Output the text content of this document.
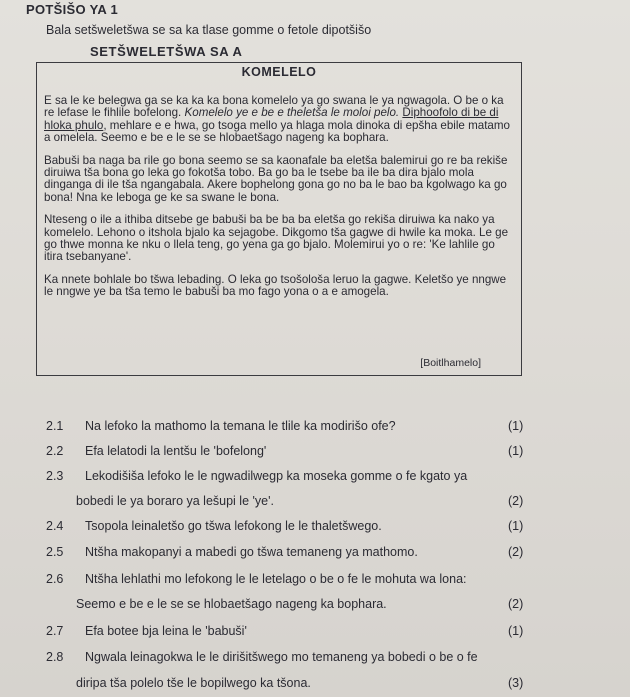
POTŠIŠO YA 1
Bala setšweletšwa se sa ka tlase gomme o fetole dipotšišo
SETŠWELETŠWA SA A
KOMELELO

E sa le ke belegwa ga se ka ka ka bona komelelo ya go swana le ya ngwagola. O be o ka re lefase le fihlile bofelong. Komelelo ye e be e theletša le moloi pelo. Diphoofolo di be di hloka phulo, mehlare e e hwa, go tsoga mello ya hlaga mola dinoka di epšha ebile matamo a omelela. Seemo e be e le se se hlobaetšago nageng ka bophara.

Babuši ba naga ba rile go bona seemo se sa kaonafale ba eletša balemirui go re ba rekiše diruiwa tša bona go leka go fokotša tobo. Ba go ba le tsebe ba ile ba dira bjalo mola dinganga di ile tša ngangabala. Akere bophelong gona go no ba le bao ba kgolwago ka go bona! Nna ke leboga ge ke sa swane le bona.

Nteseng o ile a ithiba ditsebe ge babuši ba be ba ba eletša go rekiša diruiwa ka nako ya komelelo. Lehono o itshola bjalo ka sejagobe. Dikgomo tša gagwe di hwile ka moka. Le ge go thwe monna ke nku o llela teng, go yena ga go bjalo. Molemirui yo o re: 'Ke lahlile go itira tsebanyane'.

Ka nnete bohlale bo tšwa lebading. O leka go tsošološa leruo la gagwe. Keletšo ye nngwe le nngwe ye ba tša temo le babuši ba mo fago yona o a e amogela.

[Boitlhamelo]
2.1 Na lefoko la mathomo la temana le tlile ka modirišo ofe?	(1)
2.2 Efa lelatodi la lentšu le 'bofelong'	(1)
2.3 Lekodišiša lefoko le le ngwadilwegp ka moseka gomme o fe kgato ya
bobedi le ya boraro ya lešupi le 'ye'.	(2)
2.4 Tsopola leinaletšo go tšwa lefokong le le thaletšwego.	(1)
2.5 Ntšha makopanyi a mabedi go tšwa temaneng ya mathomo.	(2)
2.6 Ntšha lehlathi mo lefokong le le letelago o be o fe le mohuta wa lona:
Seemo e be e le se se hlobaetšago nageng ka bophara.	(2)
2.7 Efa botee bja leina le 'babuši'	(1)
2.8 Ngwala leinagokwa le le dirišitšwego mo temaneng ya bobedi o be o fe
diripa tša polelo tše le bopilwego ka tšona.	(3)
